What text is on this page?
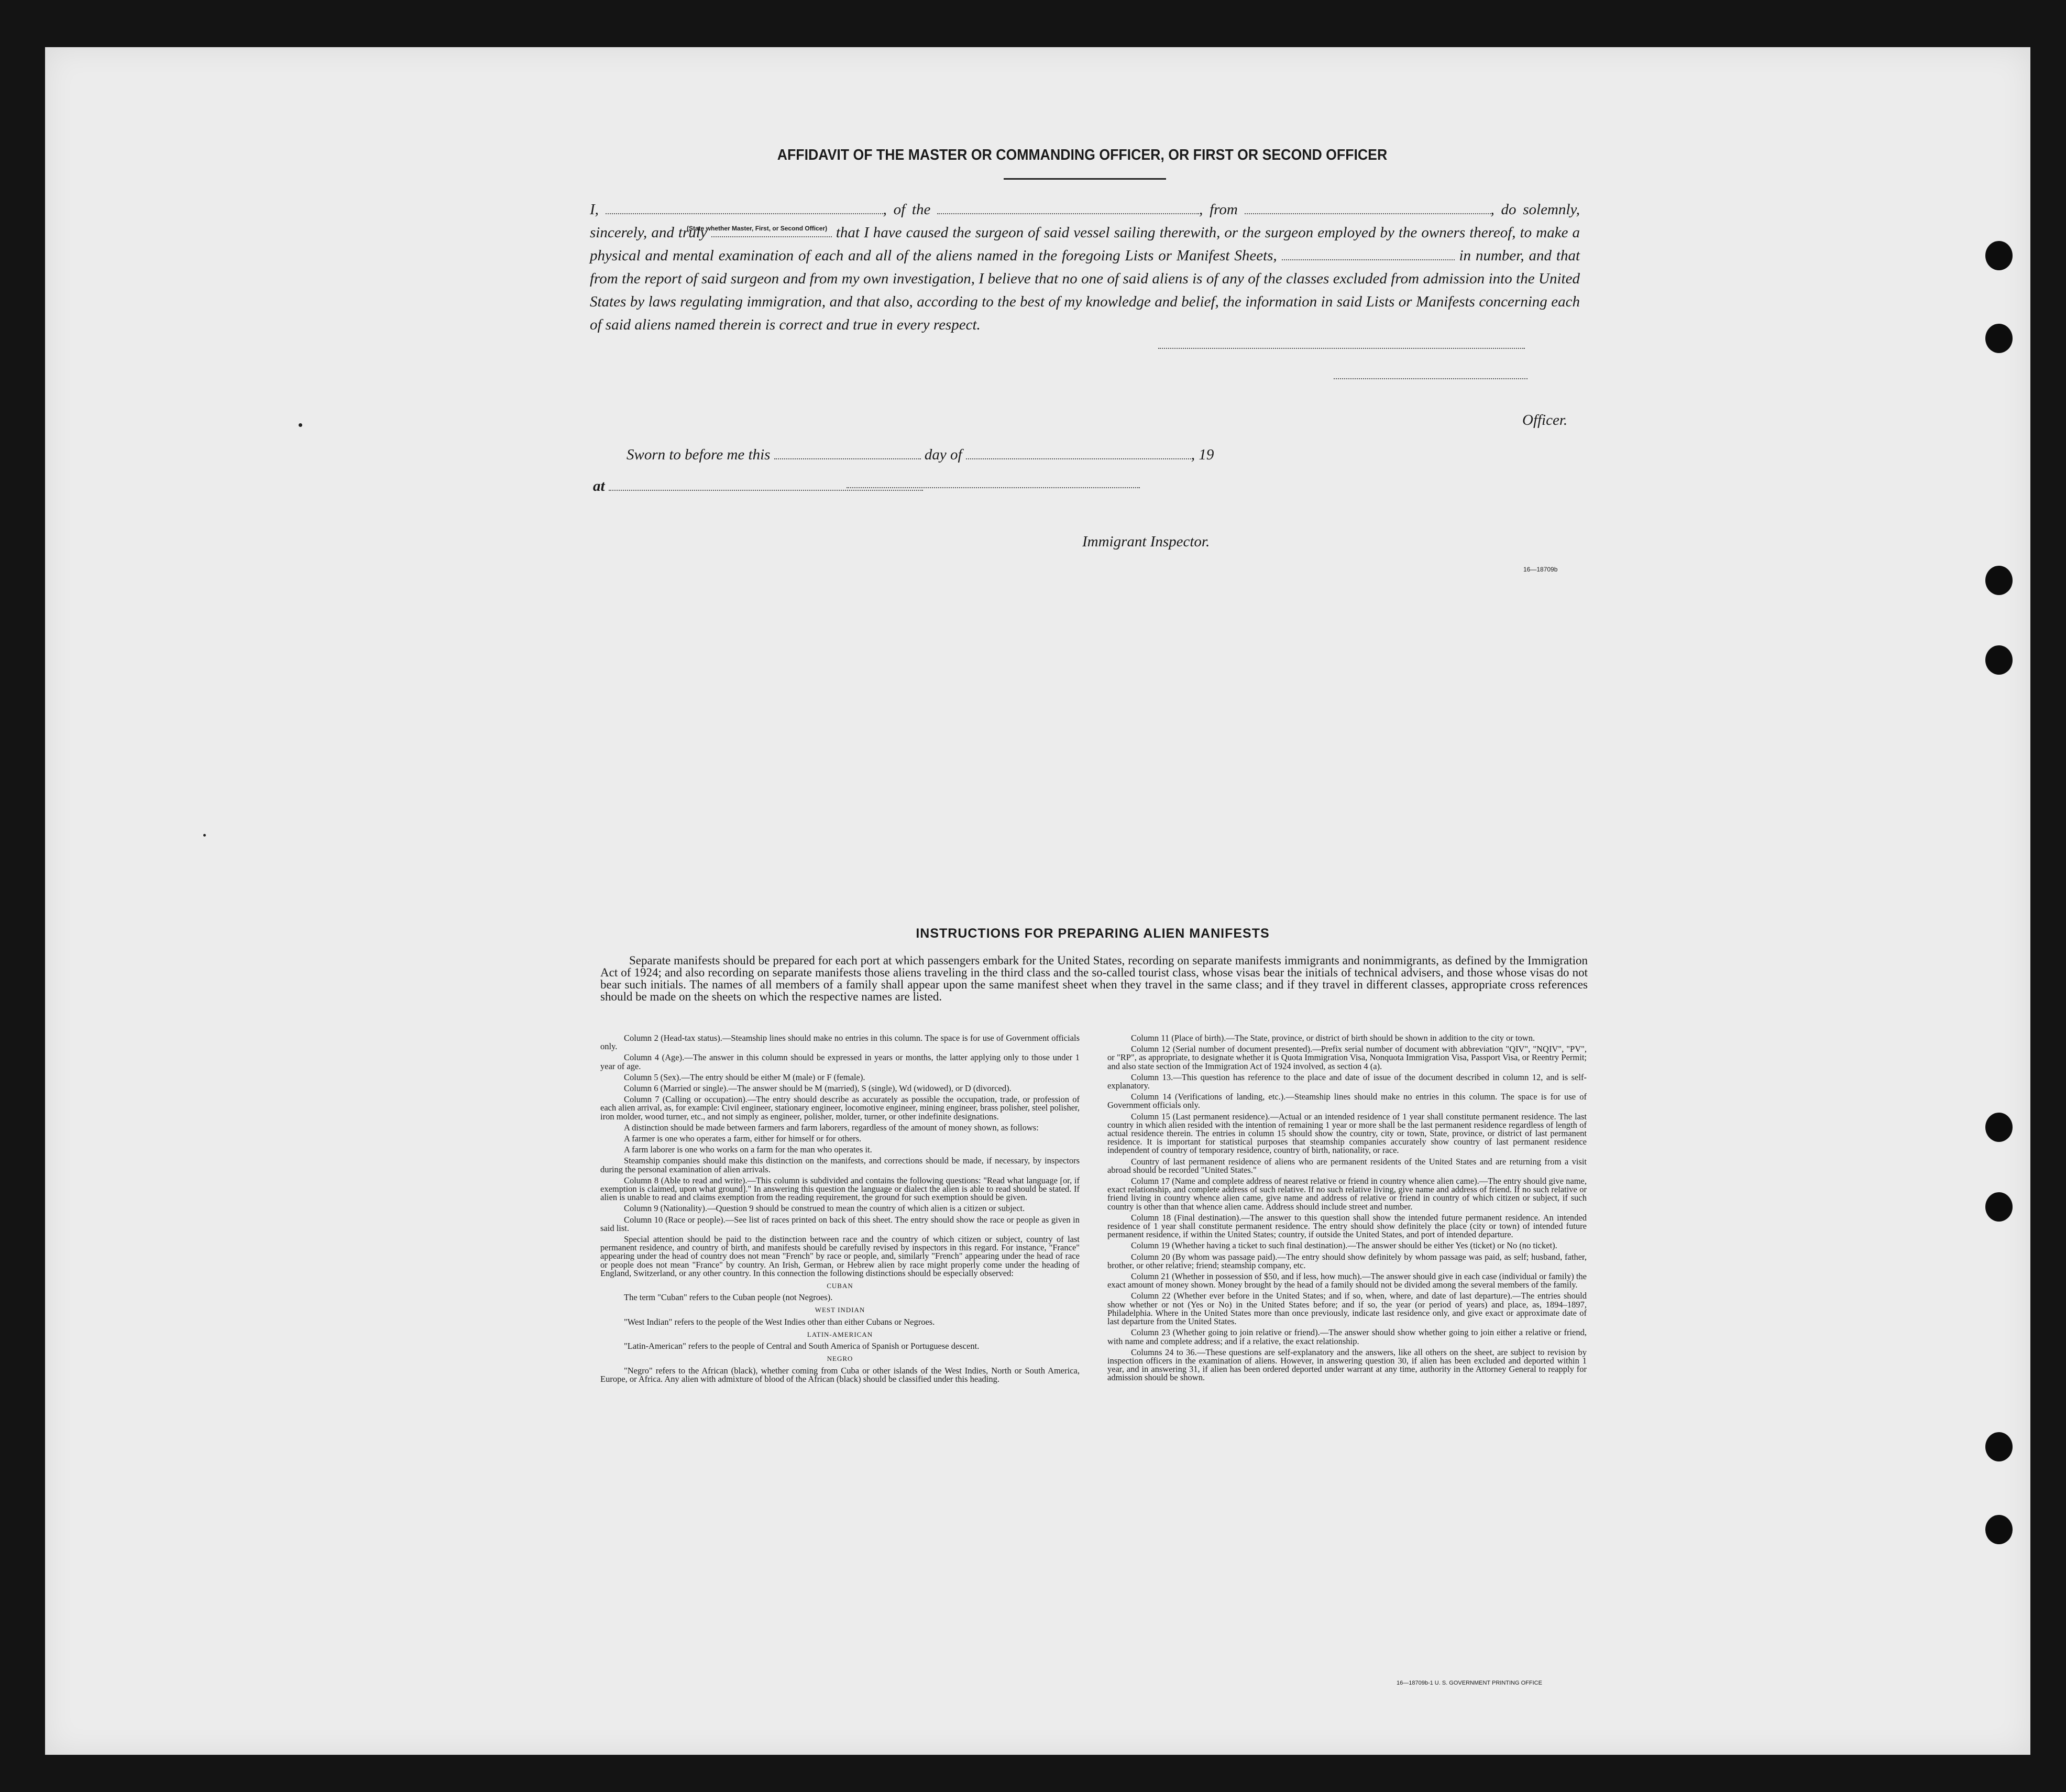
AFFIDAVIT OF THE MASTER OR COMMANDING OFFICER, OR FIRST OR SECOND OFFICER
(State whether Master, First, or Second Officer)
I,	, of the	, from	, do solemnly, sincerely, and truly	that I have caused the surgeon of said vessel sailing therewith, or the surgeon employed by the owners thereof, to make a physical and mental examination of each and all of the aliens named in the foregoing Lists or Manifest Sheets,	in number, and that from the report of said surgeon and from my own investigation, I believe that no one of said aliens is of any of the classes excluded from admission into the United States by laws regulating immigration, and that also, according to the best of my knowledge and belief, the information in said Lists or Manifests concerning each of said aliens named therein is correct and true in every respect.
Officer.
Sworn to before me this	day of	, 19
at
Immigrant Inspector.
16—18709b
INSTRUCTIONS FOR PREPARING ALIEN MANIFESTS
Separate manifests should be prepared for each port at which passengers embark for the United States, recording on separate manifests immigrants and nonimmigrants, as defined by the Immigration Act of 1924; and also recording on separate manifests those aliens traveling in the third class and the so-called tourist class, whose visas bear the initials of technical advisers, and those whose visas do not bear such initials. The names of all members of a family shall appear upon the same manifest sheet when they travel in the same class; and if they travel in different classes, appropriate cross references should be made on the sheets on which the respective names are listed.

Column 2 (Head-tax status).—Steamship lines should make no entries in this column. The space is for use of Government officials only.

Column 4 (Age).—The answer in this column should be expressed in years or months, the latter applying only to those under 1 year of age.

Column 5 (Sex).—The entry should be either M (male) or F (female).

Column 6 (Married or single).—The answer should be M (married), S (single), Wd (widowed), or D (divorced).

Column 7 (Calling or occupation).—The entry should describe as accurately as possible the occupation, trade, or profession of each alien arrival, as, for example: Civil engineer, stationary engineer, locomotive engineer, mining engineer, brass polisher, steel polisher, iron molder, wood turner, etc., and not simply as engineer, polisher, molder, turner, or other indefinite designations.

A distinction should be made between farmers and farm laborers, regardless of the amount of money shown, as follows:

A farmer is one who operates a farm, either for himself or for others.

A farm laborer is one who works on a farm for the man who operates it.

Steamship companies should make this distinction on the manifests, and corrections should be made, if necessary, by inspectors during the personal examination of alien arrivals.

Column 8 (Able to read and write).—This column is subdivided and contains the following questions: "Read what language [or, if exemption is claimed, upon what ground]." In answering this question the language or dialect the alien is able to read should be stated. If alien is unable to read and claims exemption from the reading requirement, the ground for such exemption should be given.

Column 9 (Nationality).—Question 9 should be construed to mean the country of which alien is a citizen or subject.

Column 10 (Race or people).—See list of races printed on back of this sheet. The entry should show the race or people as given in said list.

Special attention should be paid to the distinction between race and the country of which citizen or subject, country of last permanent residence, and country of birth, and manifests should be carefully revised by inspectors in this regard. For instance, "France" appearing under the head of country does not mean "French" by race or people, and, similarly "French" appearing under the head of race or people does not mean "France" by country. An Irish, German, or Hebrew alien by race might properly come under the heading of England, Switzerland, or any other country. In this connection the following distinctions should be especially observed:

CUBAN

The term "Cuban" refers to the Cuban people (not Negroes).

WEST INDIAN

"West Indian" refers to the people of the West Indies other than either Cubans or Negroes.

LATIN-AMERICAN

"Latin-American" refers to the people of Central and South America of Spanish or Portuguese descent.

NEGRO

"Negro" refers to the African (black), whether coming from Cuba or other islands of the West Indies, North or South America, Europe, or Africa. Any alien with admixture of blood of the African (black) should be classified under this heading.

Column 11 (Place of birth).—The State, province, or district of birth should be shown in addition to the city or town.

Column 12 (Serial number of document presented).—Prefix serial number of document with abbreviation "QIV", "NQIV", "PV", or "RP", as appropriate, to designate whether it is Quota Immigration Visa, Nonquota Immigration Visa, Passport Visa, or Reentry Permit; and also state section of the Immigration Act of 1924 involved, as section 4 (a).

Column 13.—This question has reference to the place and date of issue of the document described in column 12, and is self-explanatory.

Column 14 (Verifications of landing, etc.).—Steamship lines should make no entries in this column. The space is for use of Government officials only.

Column 15 (Last permanent residence).—Actual or an intended residence of 1 year shall constitute permanent residence. The last country in which alien resided with the intention of remaining 1 year or more shall be the last permanent residence regardless of length of actual residence therein. The entries in column 15 should show the country, city or town, State, province, or district of last permanent residence. It is important for statistical purposes that steamship companies accurately show country of last permanent residence independent of country of temporary residence, country of birth, nationality, or race.

Country of last permanent residence of aliens who are permanent residents of the United States and are returning from a visit abroad should be recorded "United States."

Column 17 (Name and complete address of nearest relative or friend in country whence alien came).—The entry should give name, exact relationship, and complete address of such relative. If no such relative living, give name and address of friend. If no such relative or friend living in country whence alien came, give name and address of relative or friend in country of which citizen or subject, if such country is other than that whence alien came. Address should include street and number.

Column 18 (Final destination).—The answer to this question shall show the intended future permanent residence. An intended residence of 1 year shall constitute permanent residence. The entry should show definitely the place (city or town) of intended future permanent residence, if within the United States; country, if outside the United States, and port of intended departure.

Column 19 (Whether having a ticket to such final destination).—The answer should be either Yes (ticket) or No (no ticket).

Column 20 (By whom was passage paid).—The entry should show definitely by whom passage was paid, as self; husband, father, brother, or other relative; friend; steamship company, etc.

Column 21 (Whether in possession of $50, and if less, how much).—The answer should give in each case (individual or family) the exact amount of money shown. Money brought by the head of a family should not be divided among the several members of the family.

Column 22 (Whether ever before in the United States; and if so, when, where, and date of last departure).—The entries should show whether or not (Yes or No) in the United States before; and if so, the year (or period of years) and place, as, 1894–1897, Philadelphia. Where in the United States more than once previously, indicate last residence only, and give exact or approximate date of last departure from the United States.

Column 23 (Whether going to join relative or friend).—The answer should show whether going to join either a relative or friend, with name and complete address; and if a relative, the exact relationship.

Columns 24 to 36.—These questions are self-explanatory and the answers, like all others on the sheet, are subject to revision by inspection officers in the examination of aliens. However, in answering question 30, if alien has been excluded and deported within 1 year, and in answering 31, if alien has been ordered deported under warrant at any time, authority in the Attorney General to reapply for admission should be shown.

16—18709b-1 U. S. GOVERNMENT PRINTING OFFICE
